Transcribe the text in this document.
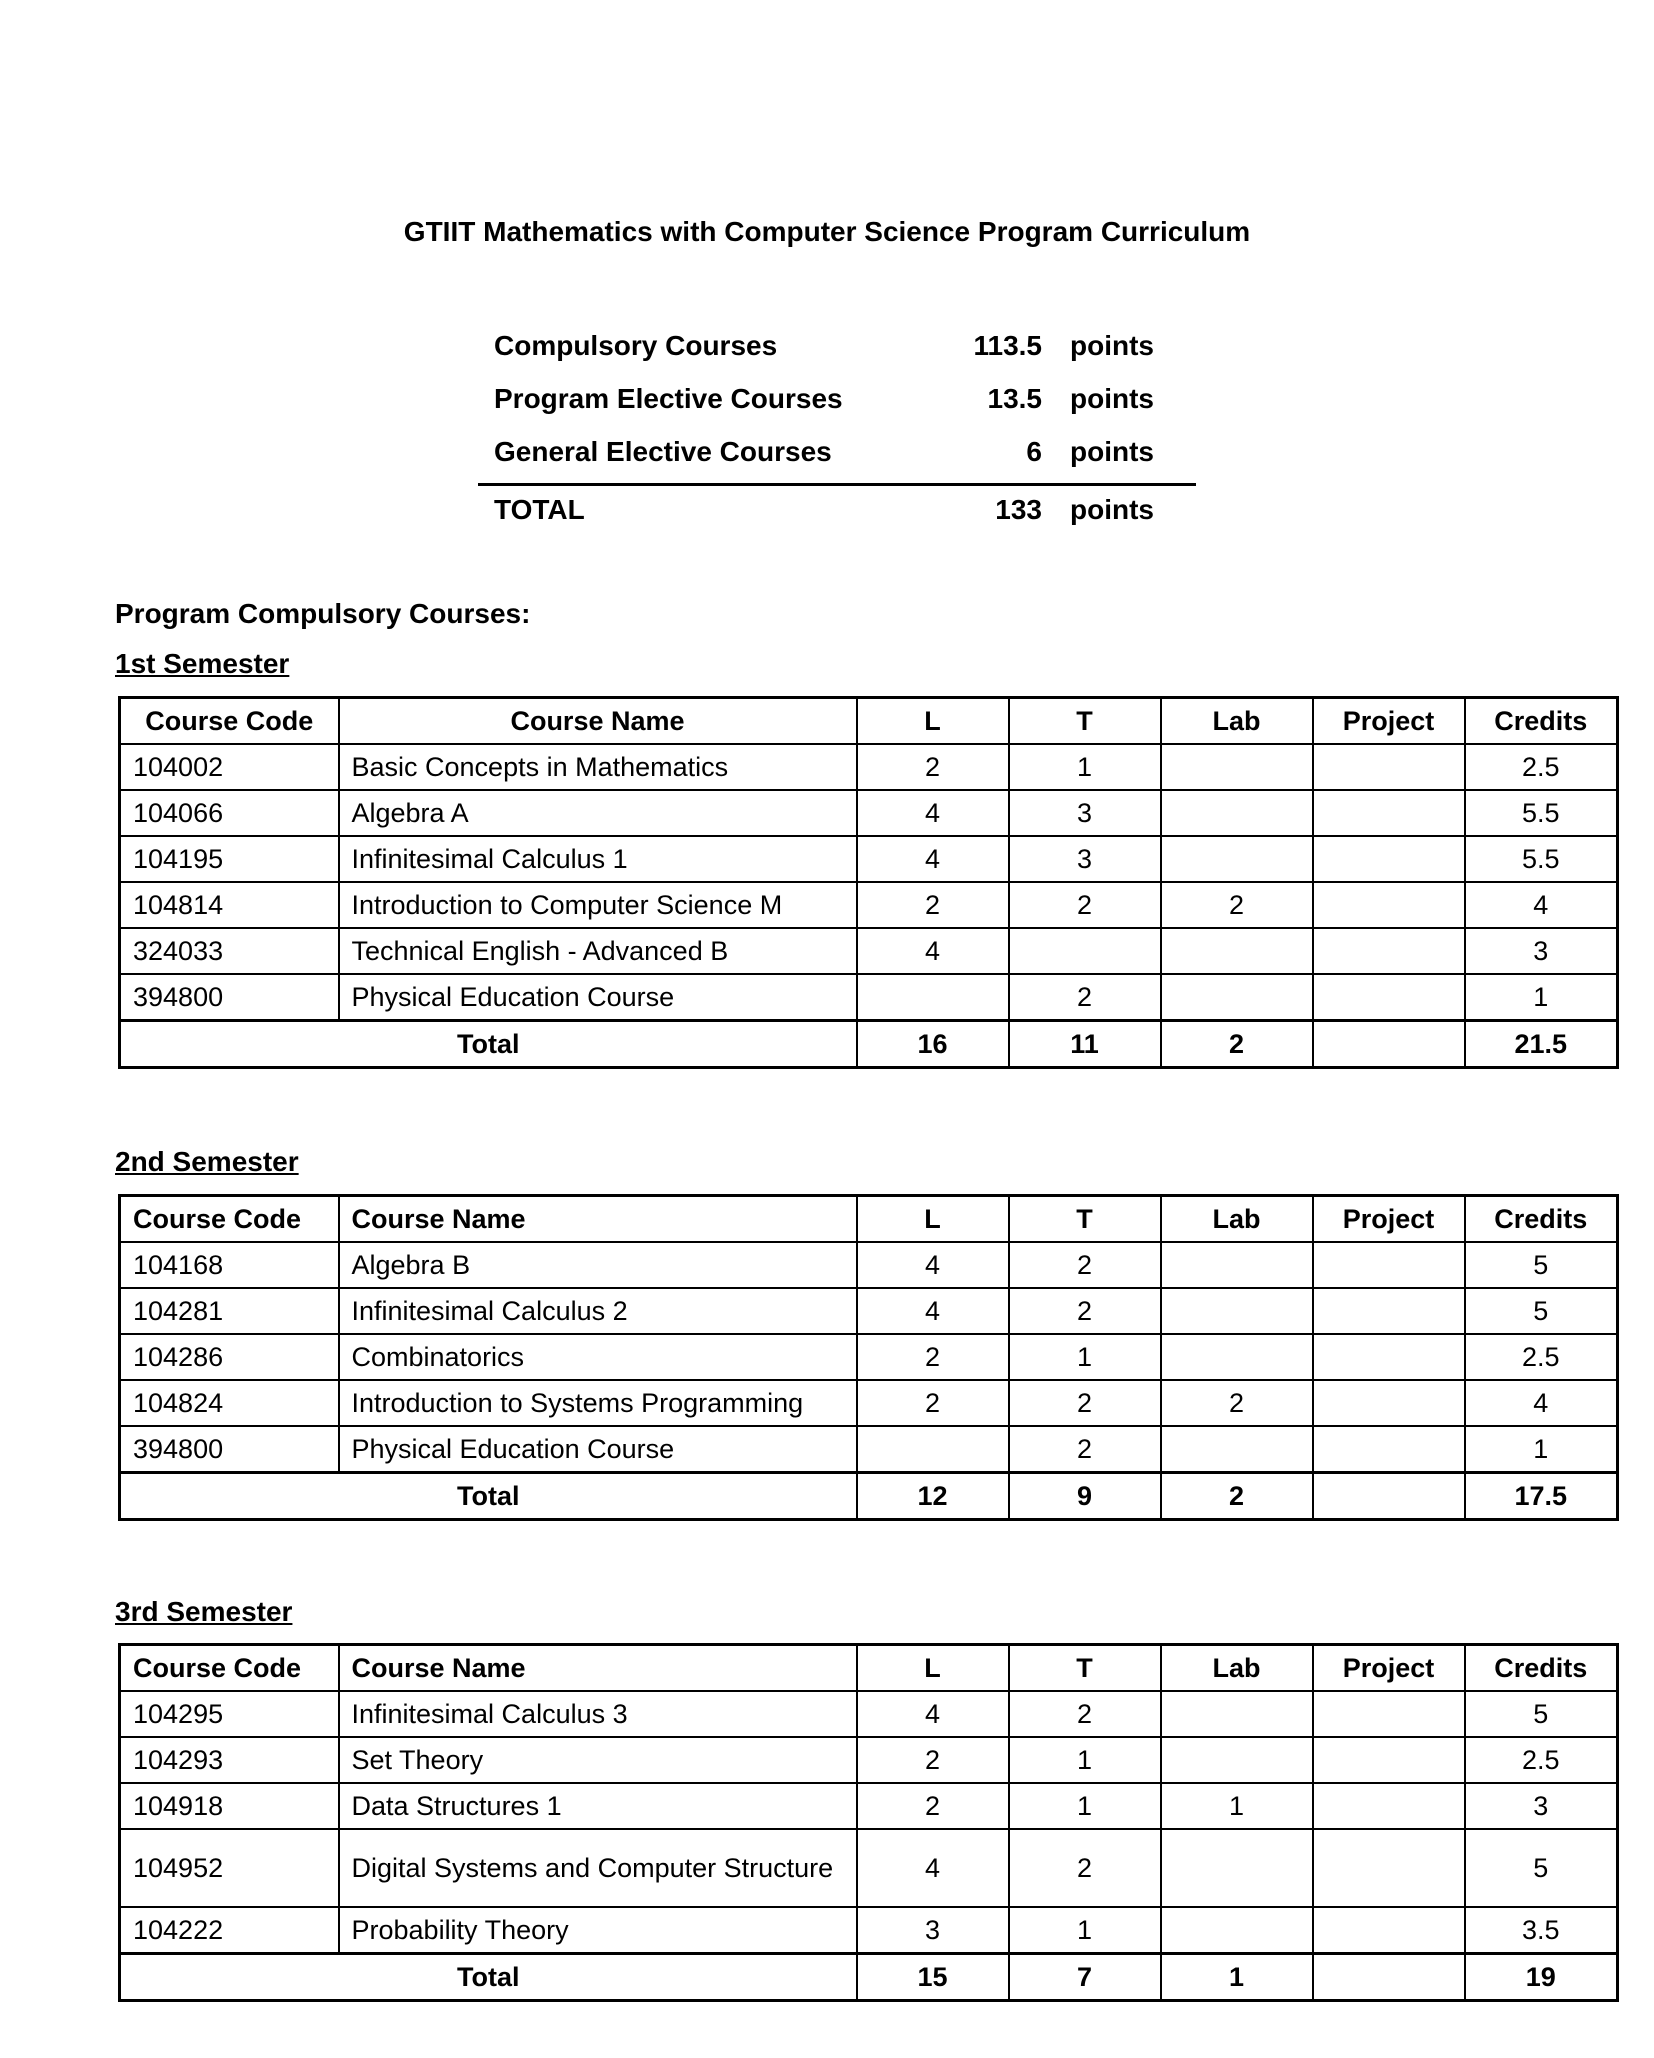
GTIIT Mathematics with Computer Science Program Curriculum
Compulsory Courses	113.5 points
Program Elective Courses	13.5 points
General Elective Courses	6 points
TOTAL	133 points
Program Compulsory Courses:
1st Semester
Course Code	Course Name	L	T	Lab	Project	Credits
104002	Basic Concepts in Mathematics	2	1			2.5
104066	Algebra A	4	3			5.5
104195	Infinitesimal Calculus 1	4	3			5.5
104814	Introduction to Computer Science M	2	2	2		4
324033	Technical English - Advanced B	4				3
394800	Physical Education Course		2			1
Total		16	11	2		21.5
2nd Semester
Course Code	Course Name	L	T	Lab	Project	Credits
104168	Algebra B	4	2			5
104281	Infinitesimal Calculus 2	4	2			5
104286	Combinatorics	2	1			2.5
104824	Introduction to Systems Programming	2	2	2		4
394800	Physical Education Course		2			1
Total		12	9	2		17.5
3rd Semester
Course Code	Course Name	L	T	Lab	Project	Credits
104295	Infinitesimal Calculus 3	4	2			5
104293	Set Theory	2	1			2.5
104918	Data Structures 1	2	1	1		3
104952	Digital Systems and Computer Structure	4	2			5
104222	Probability Theory	3	1			3.5
Total		15	7	1		19
